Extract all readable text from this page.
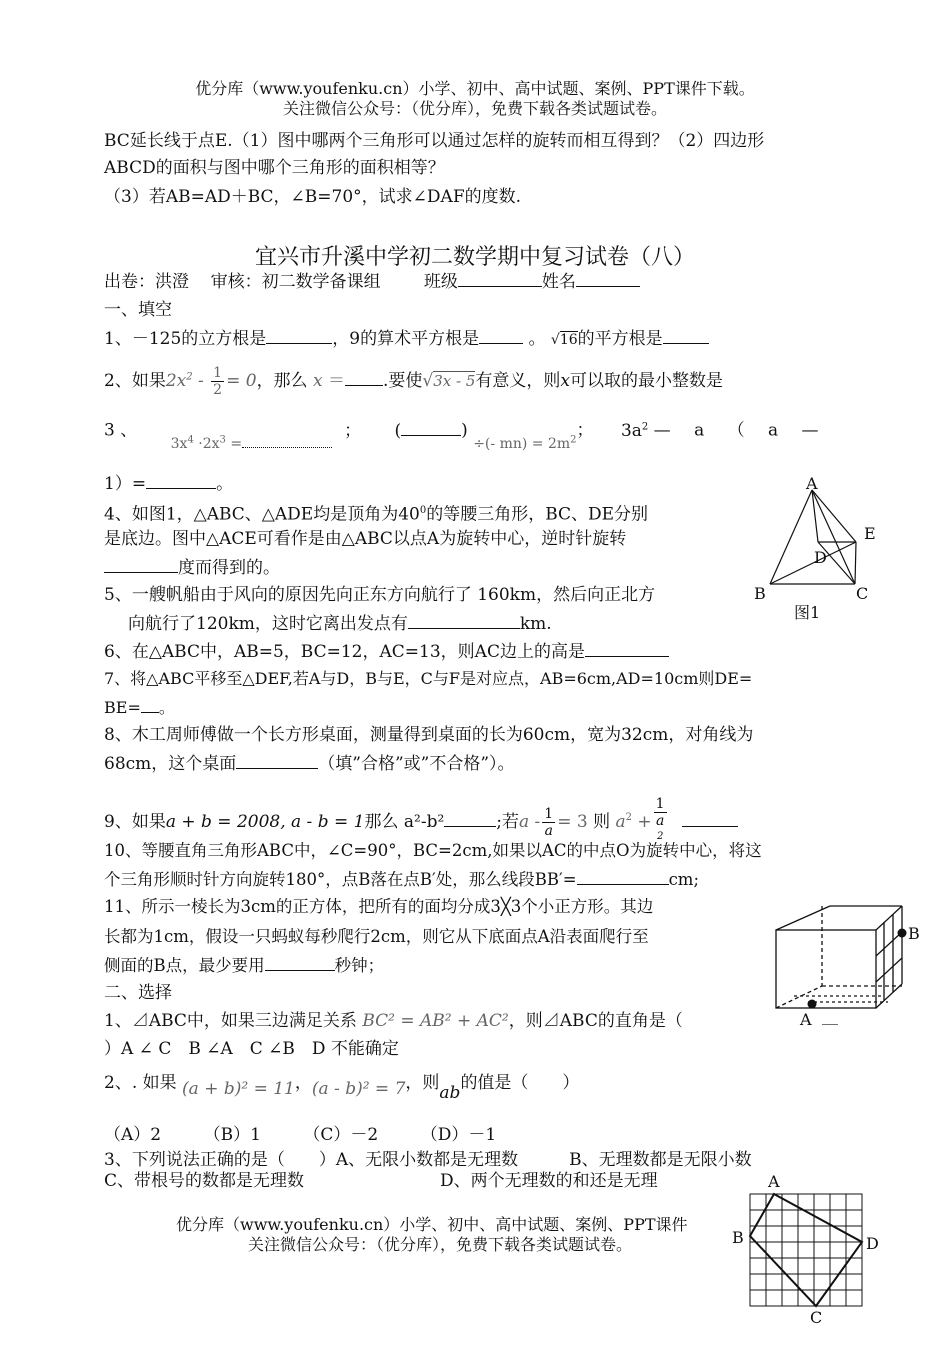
优分库（www.youfenku.cn）小学、初中、高中试题、案例、PPT课件下载。
关注微信公众号：（优分库），免费下载各类试题试卷。
BC延长线于点E.（1）图中哪两个三角形可以通过怎样的旋转而相互得到？（2）四边形
ABCD的面积与图中哪个三角形的面积相等？
（3）若AB=AD＋BC，∠B=70°，试求∠DAF的度数.
宜兴市升溪中学初二数学期中复习试卷（八）
出卷：洪澄 审核：初二数学备课组	班级	姓名
一、填空
1、－125的立方根是	，9的算术平方根是	。 √16的平方根是
2、如果$2x^2 - \frac{1}{2} = 0$，那么 x ＝ .要使√3x - 5有意义，则x可以取的最小整数是
3 、 $_{3x^4 \cdot 2x^3 =}$； (	) $_{\div(- mn) = 2m^2}$； $3a^2$ — a （ a —
1）=	。
4、如图1，△ABC、△ADE均是顶角为$40^0$的等腰三角形，BC、DE分别
是底边。图中△ACE可看作是由△ABC以点A为旋转中心，逆时针旋转
度而得到的。
A
E
D
B	C
图1
5、一艘帆船由于风向的原因先向正东方向航行了 160km，然后向正北方
向航行了120km，这时它离出发点有	km.
6、在△ABC中，AB=5，BC=12，AC=13，则AC边上的高是
7、将△ABC平移至△DEF,若A与D，B与E，C与F是对应点，AB=6cm,AD=10cm则DE=
BE= 。
8、木工周师傅做一个长方形桌面，测量得到桌面的长为60cm，宽为32cm，对角线为
68cm，这个桌面	（填”合格”或”不合格”）。
9、如果a + b = 2008, a - b = 1那么 a²-b²	;若$a - \frac{1}{a} = 3$ 则 $a^2 + 1$
a
$^2$

10、等腰直角三角形ABC中，∠C=90°，BC=2cm,如果以AC的中点O为旋转中心，将这
个三角形顺时针方向旋转180°，点B落在点B′处，那么线段BB′=	cm;
11、所示一棱长为3cm的正方体，把所有的面均分成3╳3个小正方形。其边
长都为1cm，假设一只蚂蚁每秒爬行2cm，则它从下底面点A沿表面爬行至
侧面的B点，最少要用	秒钟；
B
A __
二、选择
1、⊿ABC中，如果三边满足关系 BC² = AB² + AC²，则⊿ABC的直角是（
）A ∠ C　B ∠A　C ∠B　D 不能确定
2、. 如果 (a + b)² = 11，(a - b)² = 7，则ab的值是（　　）
（A）2　　　（B）1　　　（C）－2　　　（D）－1
3、下列说法正确的是（　　）A、无限小数都是无理数　　　B、无理数都是无限小数
C、带根号的数都是无理数　　　　　　　　D、两个无理数的和还是无理	A
B	D
C
优分库（www.youfenku.cn）小学、初中、高中试题、案例、PPT课件
关注微信公众号：（优分库），免费下载各类试题试卷。
